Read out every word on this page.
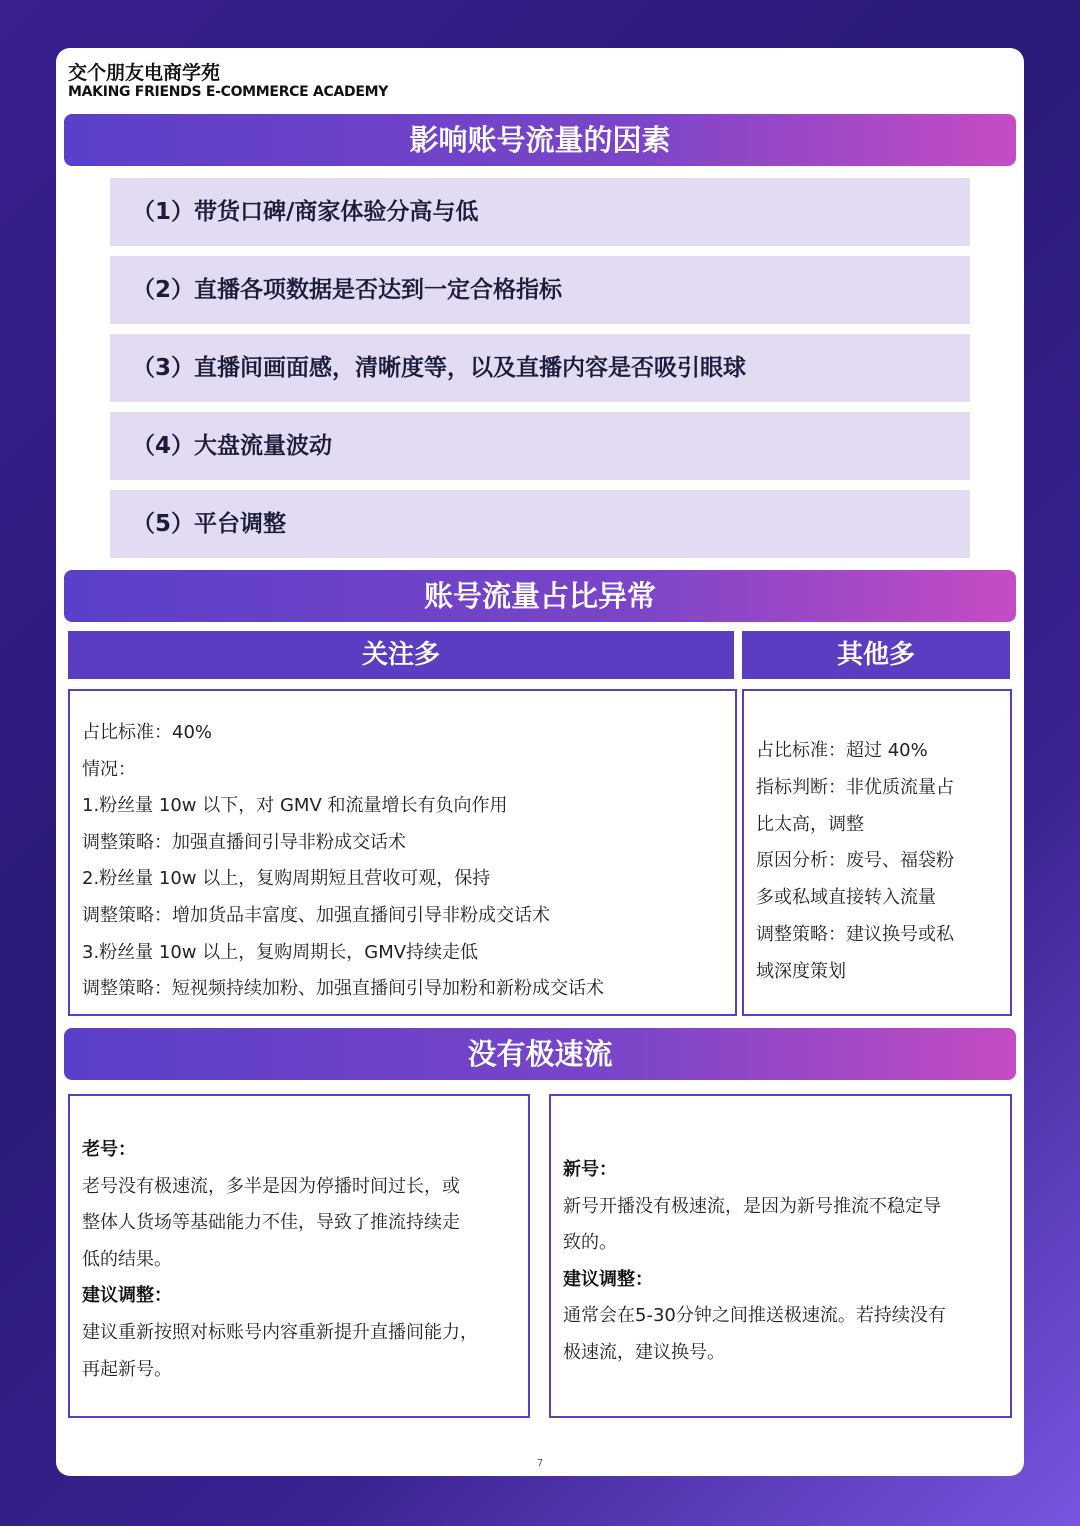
交个朋友电商学苑
MAKING FRIENDS E-COMMERCE ACADEMY
影响账号流量的因素
（1）带货口碑/商家体验分高与低
（2）直播各项数据是否达到一定合格指标
（3）直播间画面感，清晰度等，以及直播内容是否吸引眼球
（4）大盘流量波动
（5）平台调整
账号流量占比异常
关注多	其他多
占比标准：40%
情况：
1.粉丝量 10w 以下，对 GMV 和流量增长有负向作用
调整策略：加强直播间引导非粉成交话术
2.粉丝量 10w 以上，复购周期短且营收可观，保持
调整策略：增加货品丰富度、加强直播间引导非粉成交话术
3.粉丝量 10w 以上，复购周期长，GMV持续走低
调整策略：短视频持续加粉、加强直播间引导加粉和新粉成交话术
占比标准：超过 40%
指标判断：非优质流量占
比太高，调整
原因分析：废号、福袋粉
多或私域直接转入流量
调整策略：建议换号或私
域深度策划
没有极速流
老号：
老号没有极速流，多半是因为停播时间过长，或
整体人货场等基础能力不佳，导致了推流持续走
低的结果。
建议调整：
建议重新按照对标账号内容重新提升直播间能力，
再起新号。
新号：
新号开播没有极速流，是因为新号推流不稳定导
致的。
建议调整：
通常会在5-30分钟之间推送极速流。若持续没有
极速流，建议换号。
7
